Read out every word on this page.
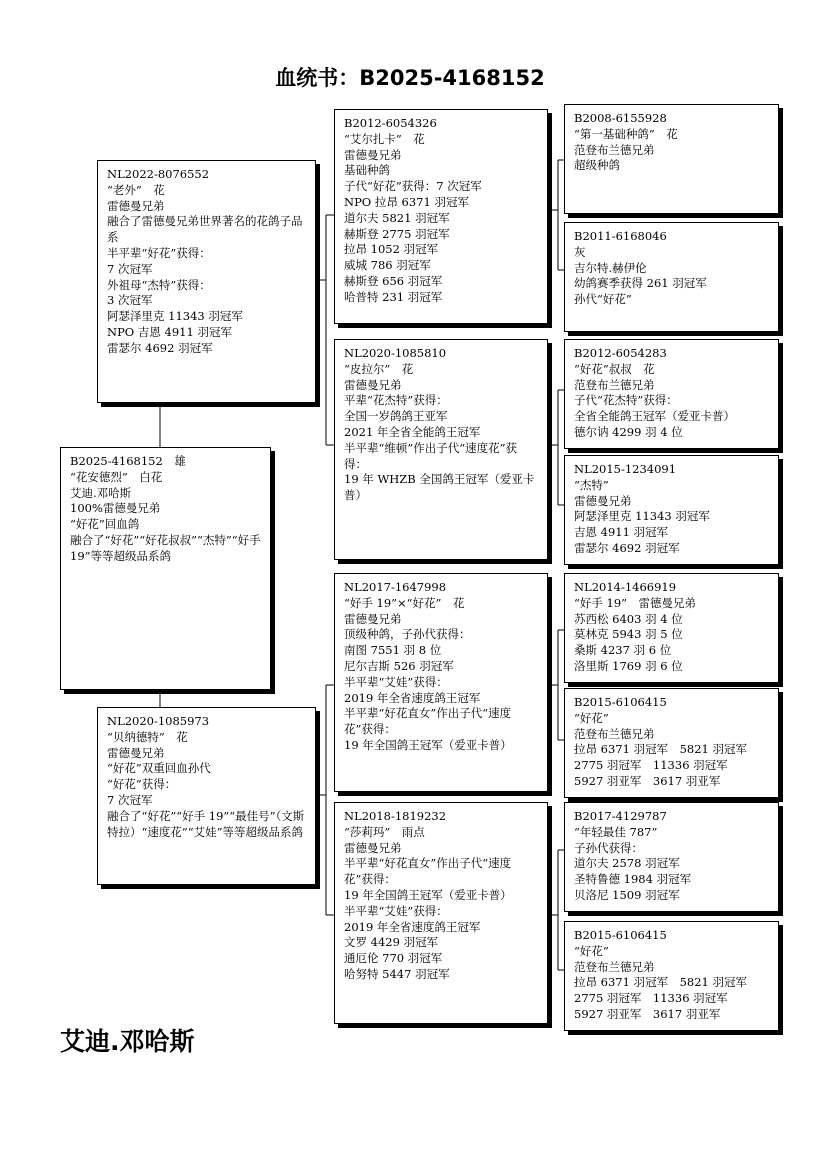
血统书：B2025-4168152
B2025-4168152　雄
“花安德烈”　白花
艾迪.邓哈斯
100%雷德曼兄弟
“好花”回血鸽
融合了“好花”“好花叔叔”“杰特”“好手 19”等等超级品系鸽
NL2022-8076552
“老外”　花
雷德曼兄弟
融合了雷德曼兄弟世界著名的花鸽子品系
半平辈“好花”获得：
7 次冠军
外祖母“杰特”获得：
3 次冠军
阿瑟泽里克 11343 羽冠军
NPO 吉恩 4911 羽冠军
雷瑟尔 4692 羽冠军
NL2020-1085973
“贝纳德特”　花
雷德曼兄弟
“好花”双重回血孙代
“好花”获得：
7 次冠军
融合了“好花”“好手 19”“最佳号”（文斯特拉）“速度花”“艾娃”等等超级品系鸽
B2012-6054326
“艾尔扎卡”　花
雷德曼兄弟
基础种鸽
子代“好花”获得：7 次冠军
NPO 拉昂 6371 羽冠军
道尔夫 5821 羽冠军
赫斯登 2775 羽冠军
拉昂 1052 羽冠军
威城 786 羽冠军
赫斯登 656 羽冠军
哈普特 231 羽冠军
NL2020-1085810
“皮拉尔”　花
雷德曼兄弟
平辈“花杰特”获得：
全国一岁鸽鸽王亚军
2021 年全省全能鸽王冠军
半平辈“维顿”作出子代“速度花”获得：
19 年 WHZB 全国鸽王冠军（爱亚卡普）
NL2017-1647998
“好手 19”×“好花”　花
雷德曼兄弟
顶级种鸽，子孙代获得：
南图 7551 羽 8 位
尼尔吉斯 526 羽冠军
半平辈“艾娃”获得：
2019 年全省速度鸽王冠军
半平辈“好花直女”作出子代“速度花”获得：
19 年全国鸽王冠军（爱亚卡普）
NL2018-1819232
“莎莉玛”　雨点
雷德曼兄弟
半平辈“好花直女”作出子代“速度花”获得：
19 年全国鸽王冠军（爱亚卡普）
半平辈“艾娃”获得：
2019 年全省速度鸽王冠军
文罗 4429 羽冠军
通厄伦 770 羽冠军
哈努特 5447 羽冠军
B2008-6155928
“第一基础种鸽”　花
范登布兰德兄弟
超级种鸽
B2011-6168046
灰
吉尔特.赫伊伦
幼鸽赛季获得 261 羽冠军
孙代“好花”
B2012-6054283
“好花”叔叔　花
范登布兰德兄弟
子代“花杰特”获得：
全省全能鸽王冠军（爱亚卡普）
德尔讷 4299 羽 4 位
NL2015-1234091
“杰特”
雷德曼兄弟
阿瑟泽里克 11343 羽冠军
吉恩 4911 羽冠军
雷瑟尔 4692 羽冠军
NL2014-1466919
“好手 19”　雷德曼兄弟
苏西松 6403 羽 4 位
莫林克 5943 羽 5 位
桑斯 4237 羽 6 位
洛里斯 1769 羽 6 位
B2015-6106415
“好花”
范登布兰德兄弟
拉昂 6371 羽冠军　5821 羽冠军
2775 羽冠军　11336 羽冠军
5927 羽亚军　3617 羽亚军
B2017-4129787
“年轻最佳 787”
子孙代获得：
道尔夫 2578 羽冠军
圣特鲁德 1984 羽冠军
贝洛尼 1509 羽冠军
B2015-6106415
“好花”
范登布兰德兄弟
拉昂 6371 羽冠军　5821 羽冠军
2775 羽冠军　11336 羽冠军
5927 羽亚军　3617 羽亚军
艾迪.邓哈斯
